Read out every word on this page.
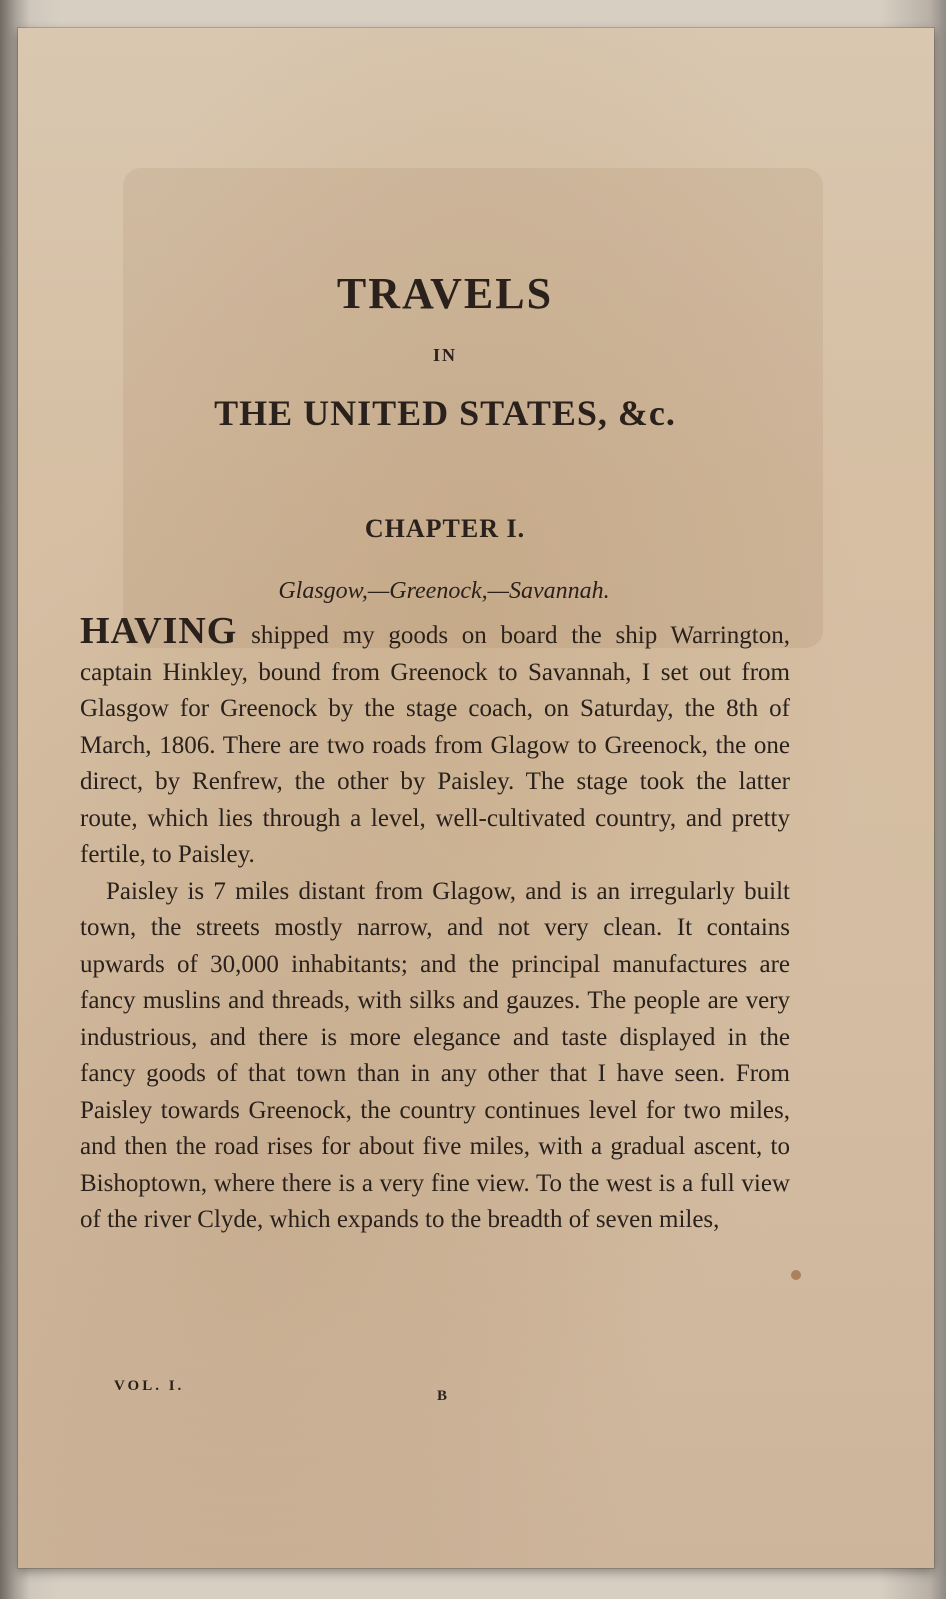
TRAVELS
IN
THE UNITED STATES, &c.
CHAPTER I.
Glasgow,—Greenock,—Savannah.

HAVING shipped my goods on board the ship Warrington, captain Hinkley, bound from Greenock to Savannah, I set out from Glasgow for Greenock by the stage coach, on Saturday, the 8th of March, 1806. There are two roads from Glagow to Greenock, the one direct, by Renfrew, the other by Paisley. The stage took the latter route, which lies through a level, well-cultivated country, and pretty fertile, to Paisley.

Paisley is 7 miles distant from Glagow, and is an irregularly built town, the streets mostly narrow, and not very clean. It contains upwards of 30,000 inhabitants; and the principal manufactures are fancy muslins and threads, with silks and gauzes. The people are very industrious, and there is more elegance and taste displayed in the fancy goods of that town than in any other that I have seen. From Paisley towards Greenock, the country continues level for two miles, and then the road rises for about five miles, with a gradual ascent, to Bishoptown, where there is a very fine view. To the west is a full view of the river Clyde, which expands to the breadth of seven miles,

VOL. I.
B
